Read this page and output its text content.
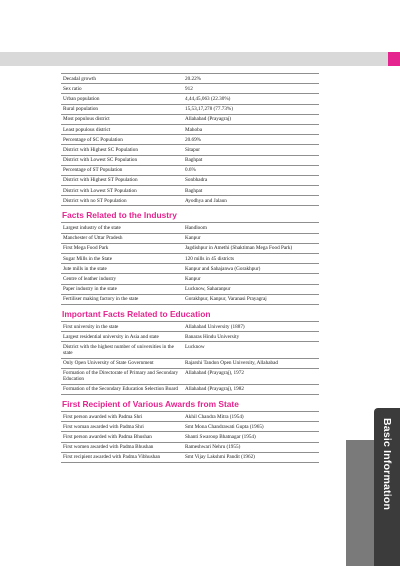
Decadal growth	20.22%
Sex ratio	912
Urban population	4,44,45,063 (22.30%)
Rural population	15,53,17,278 (77.73%)
Most populous district	Allahabad (Prayagraj)
Least populous district	Mahoba
Percentage of SC Population	20.69%
District with Highest SC Population	Sitapur
District with Lowest SC Population	Baghpat
Percentage of ST Population	0.6%
District with Highest ST Population	Sonbhadra
District with Lowest ST Population	Baghpat
District with no ST Population	Ayodhya and Jalaun
Facts Related to the Industry
Largest industry of the state	Handloom
Manchester of Uttar Pradesh	Kanpur
First Mega Food Park	Jagdishpur in Amethi (Shaktiman Mega Food Park)
Sugar Mills in the State	120 mills in 45 districts
Jute mills in the state	Kanpur and Sahajanwa (Gorakhpur)
Centre of leather industry	Kanpur
Paper industry in the state	Lucknow, Saharanpur
Fertiliser making factory in the state	Gorakhpur, Kanpur, Varanasi Prayagraj
Important Facts Related to Education
First university in the state	Allahabad University (1887)
Largest residential university in Asia and state	Banaras Hindu University
District with the highest number of universities in the state	Lucknow
Only Open University of State Government	Rajarshi Tandon Open University, Allahabad
Formation of the Directorate of Primary and Secondary Education	Allahabad (Prayagraj), 1972
Formation of the Secondary Education Selection Board	Allahabad (Prayagraj), 1982
First Recipient of Various Awards from State
First person awarded with Padma Shri	Akhil Chandra Mitra (1954)
First woman awarded with Padma Shri	Smt Mona Chandrawati Gupta (1965)
First person awarded with Padma Bhushan	Shanti Swaroop Bhatnagar (1954)
First women awarded with Padma Bhushan	Rameshwari Nehru (1955)
First recipient awarded with Padma Vibhushan	Smt Vijay Lakshmi Pandit (1962)	Basic Information
